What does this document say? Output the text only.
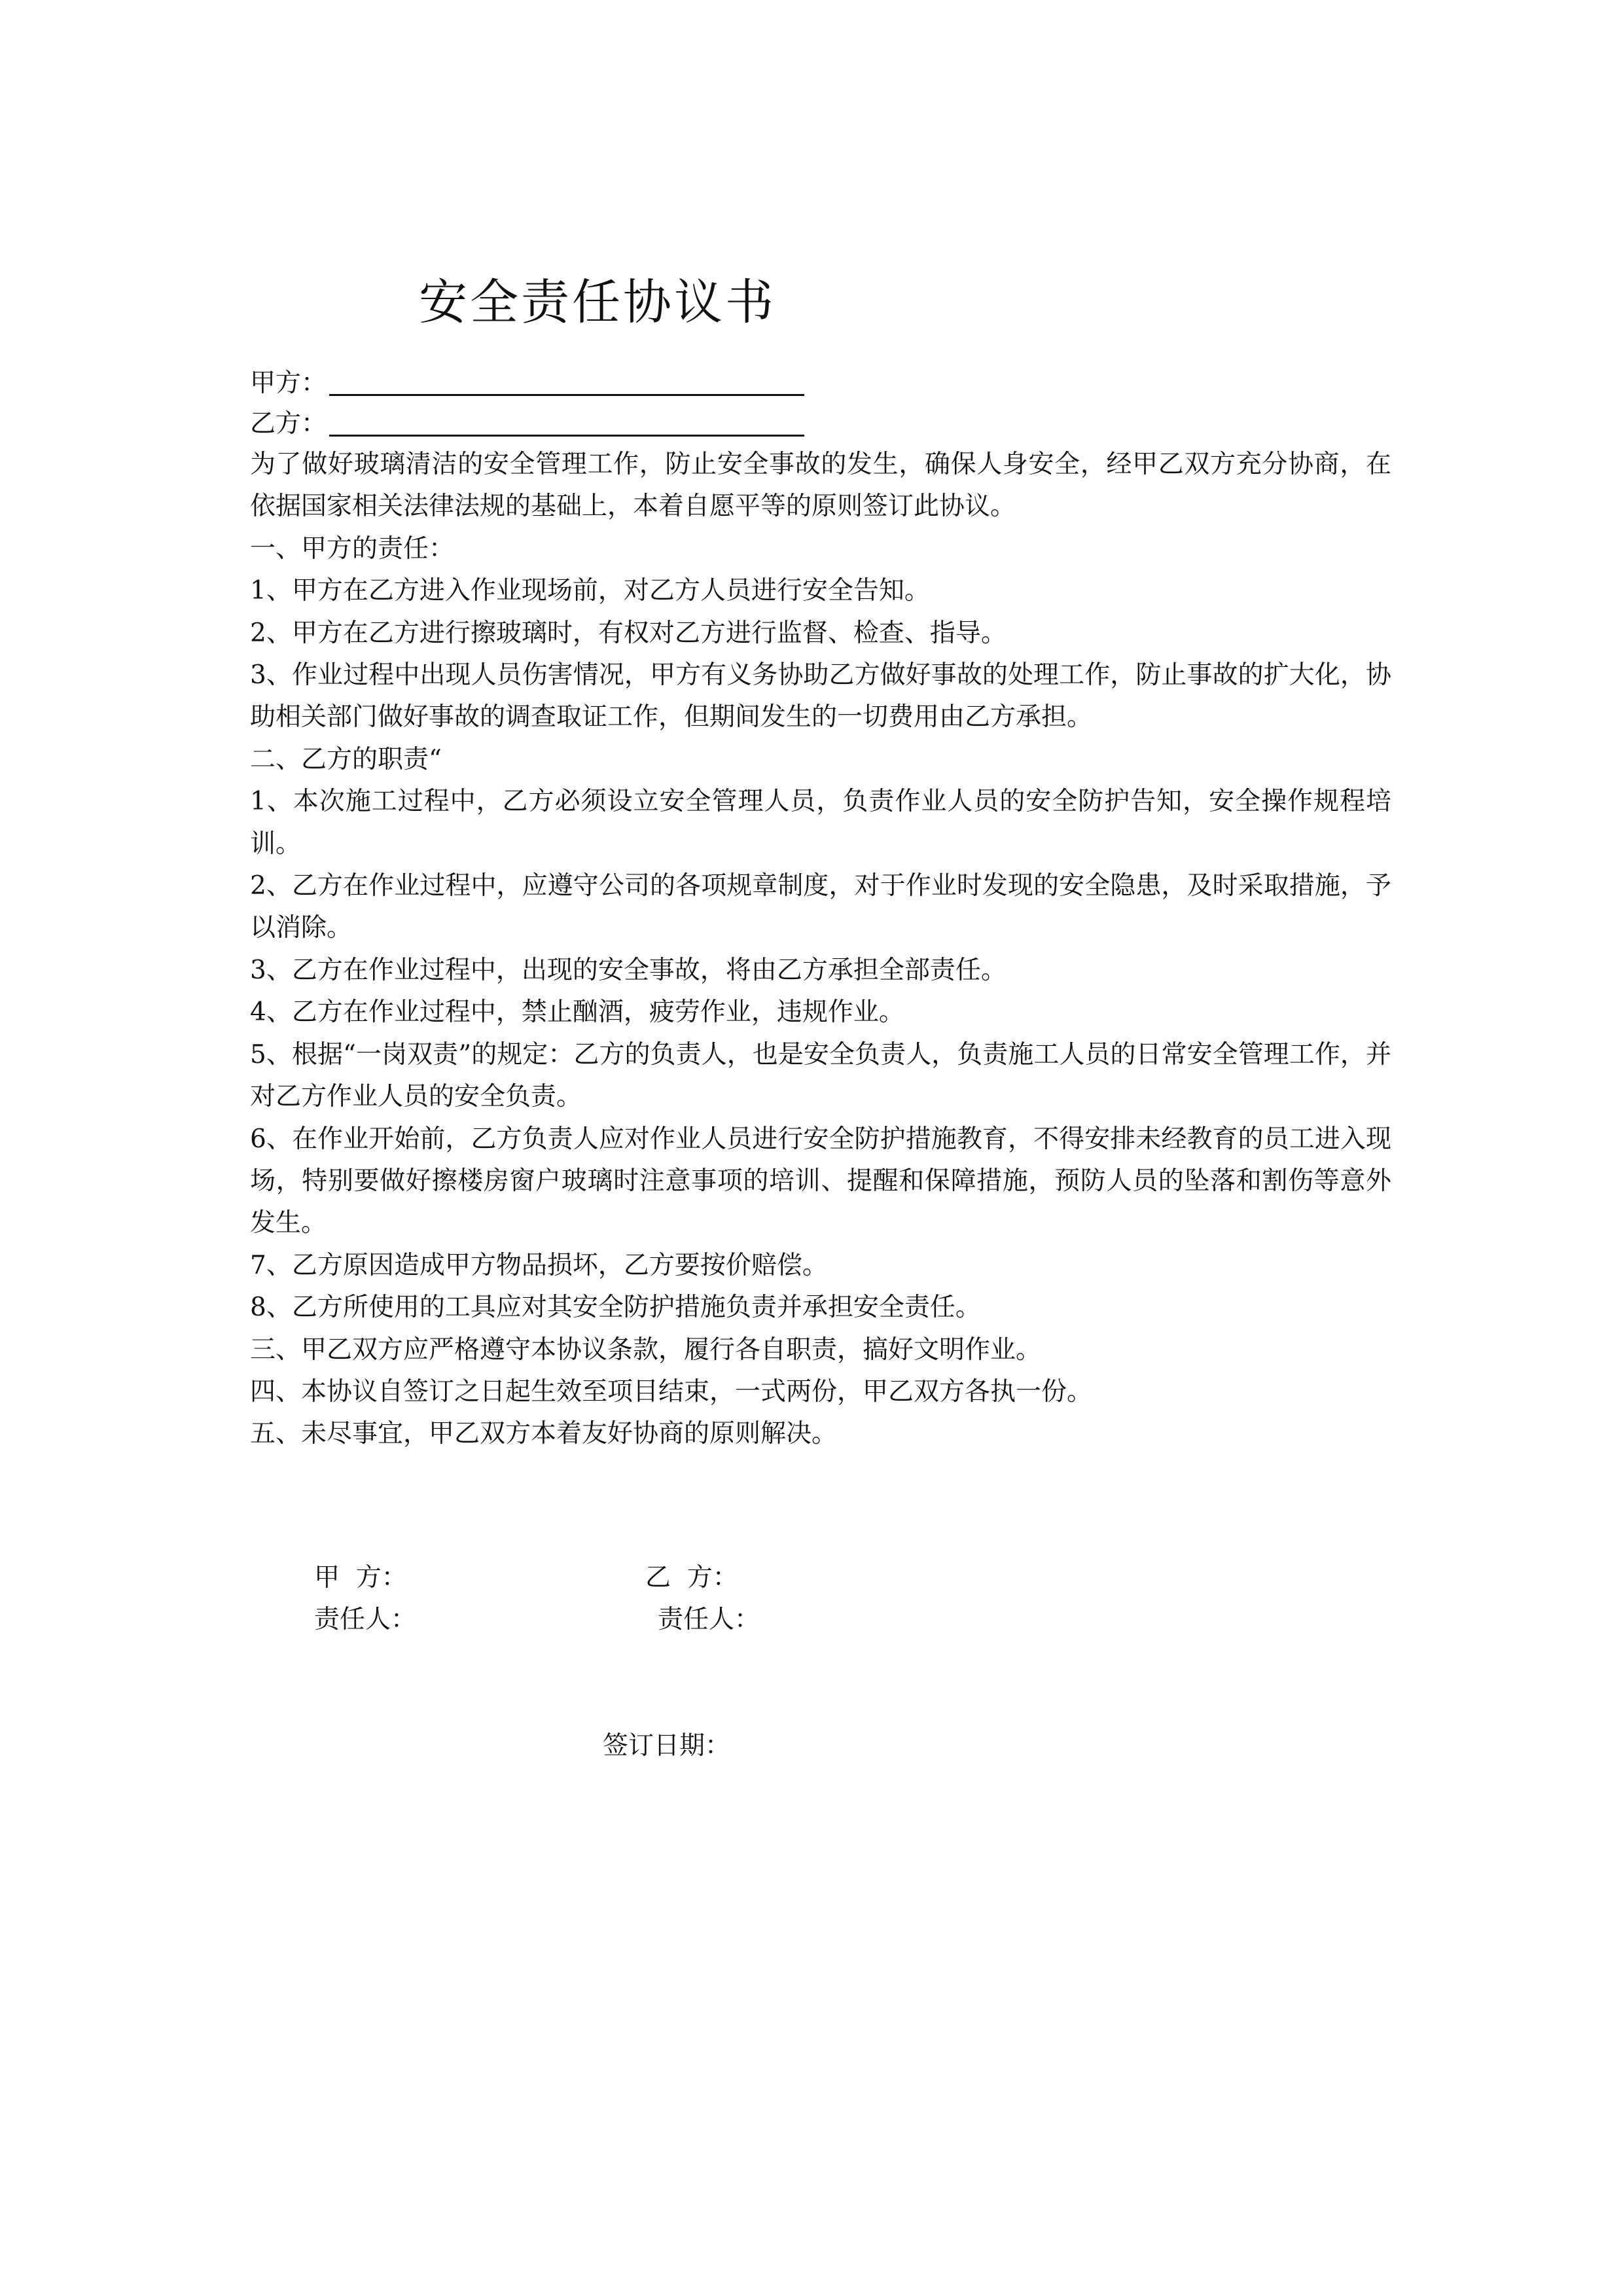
安全责任协议书
甲方：
乙方：

为了做好玻璃清洁的安全管理工作，防止安全事故的发生，确保人身安全，经甲乙双方充分协商，在依据国家相关法律法规的基础上，本着自愿平等的原则签订此协议。

一、甲方的责任：

1、甲方在乙方进入作业现场前，对乙方人员进行安全告知。

2、甲方在乙方进行擦玻璃时，有权对乙方进行监督、检查、指导。

3、作业过程中出现人员伤害情况，甲方有义务协助乙方做好事故的处理工作，防止事故的扩大化，协助相关部门做好事故的调查取证工作，但期间发生的一切费用由乙方承担。

二、乙方的职责“

1、本次施工过程中，乙方必须设立安全管理人员，负责作业人员的安全防护告知，安全操作规程培训。

2、乙方在作业过程中，应遵守公司的各项规章制度，对于作业时发现的安全隐患，及时采取措施，予以消除。

3、乙方在作业过程中，出现的安全事故，将由乙方承担全部责任。

4、乙方在作业过程中，禁止酗酒，疲劳作业，违规作业。

5、根据“一岗双责”的规定：乙方的负责人，也是安全负责人，负责施工人员的日常安全管理工作，并对乙方作业人员的安全负责。

6、在作业开始前，乙方负责人应对作业人员进行安全防护措施教育，不得安排未经教育的员工进入现场，特别要做好擦楼房窗户玻璃时注意事项的培训、提醒和保障措施，预防人员的坠落和割伤等意外发生。

7、乙方原因造成甲方物品损坏，乙方要按价赔偿。

8、乙方所使用的工具应对其安全防护措施负责并承担安全责任。

三、甲乙双方应严格遵守本协议条款，履行各自职责，搞好文明作业。

四、本协议自签订之日起生效至项目结束，一式两份，甲乙双方各执一份。

五、未尽事宜，甲乙双方本着友好协商的原则解决。

甲  方：	乙  方：
责任人：	责任人：
签订日期：
